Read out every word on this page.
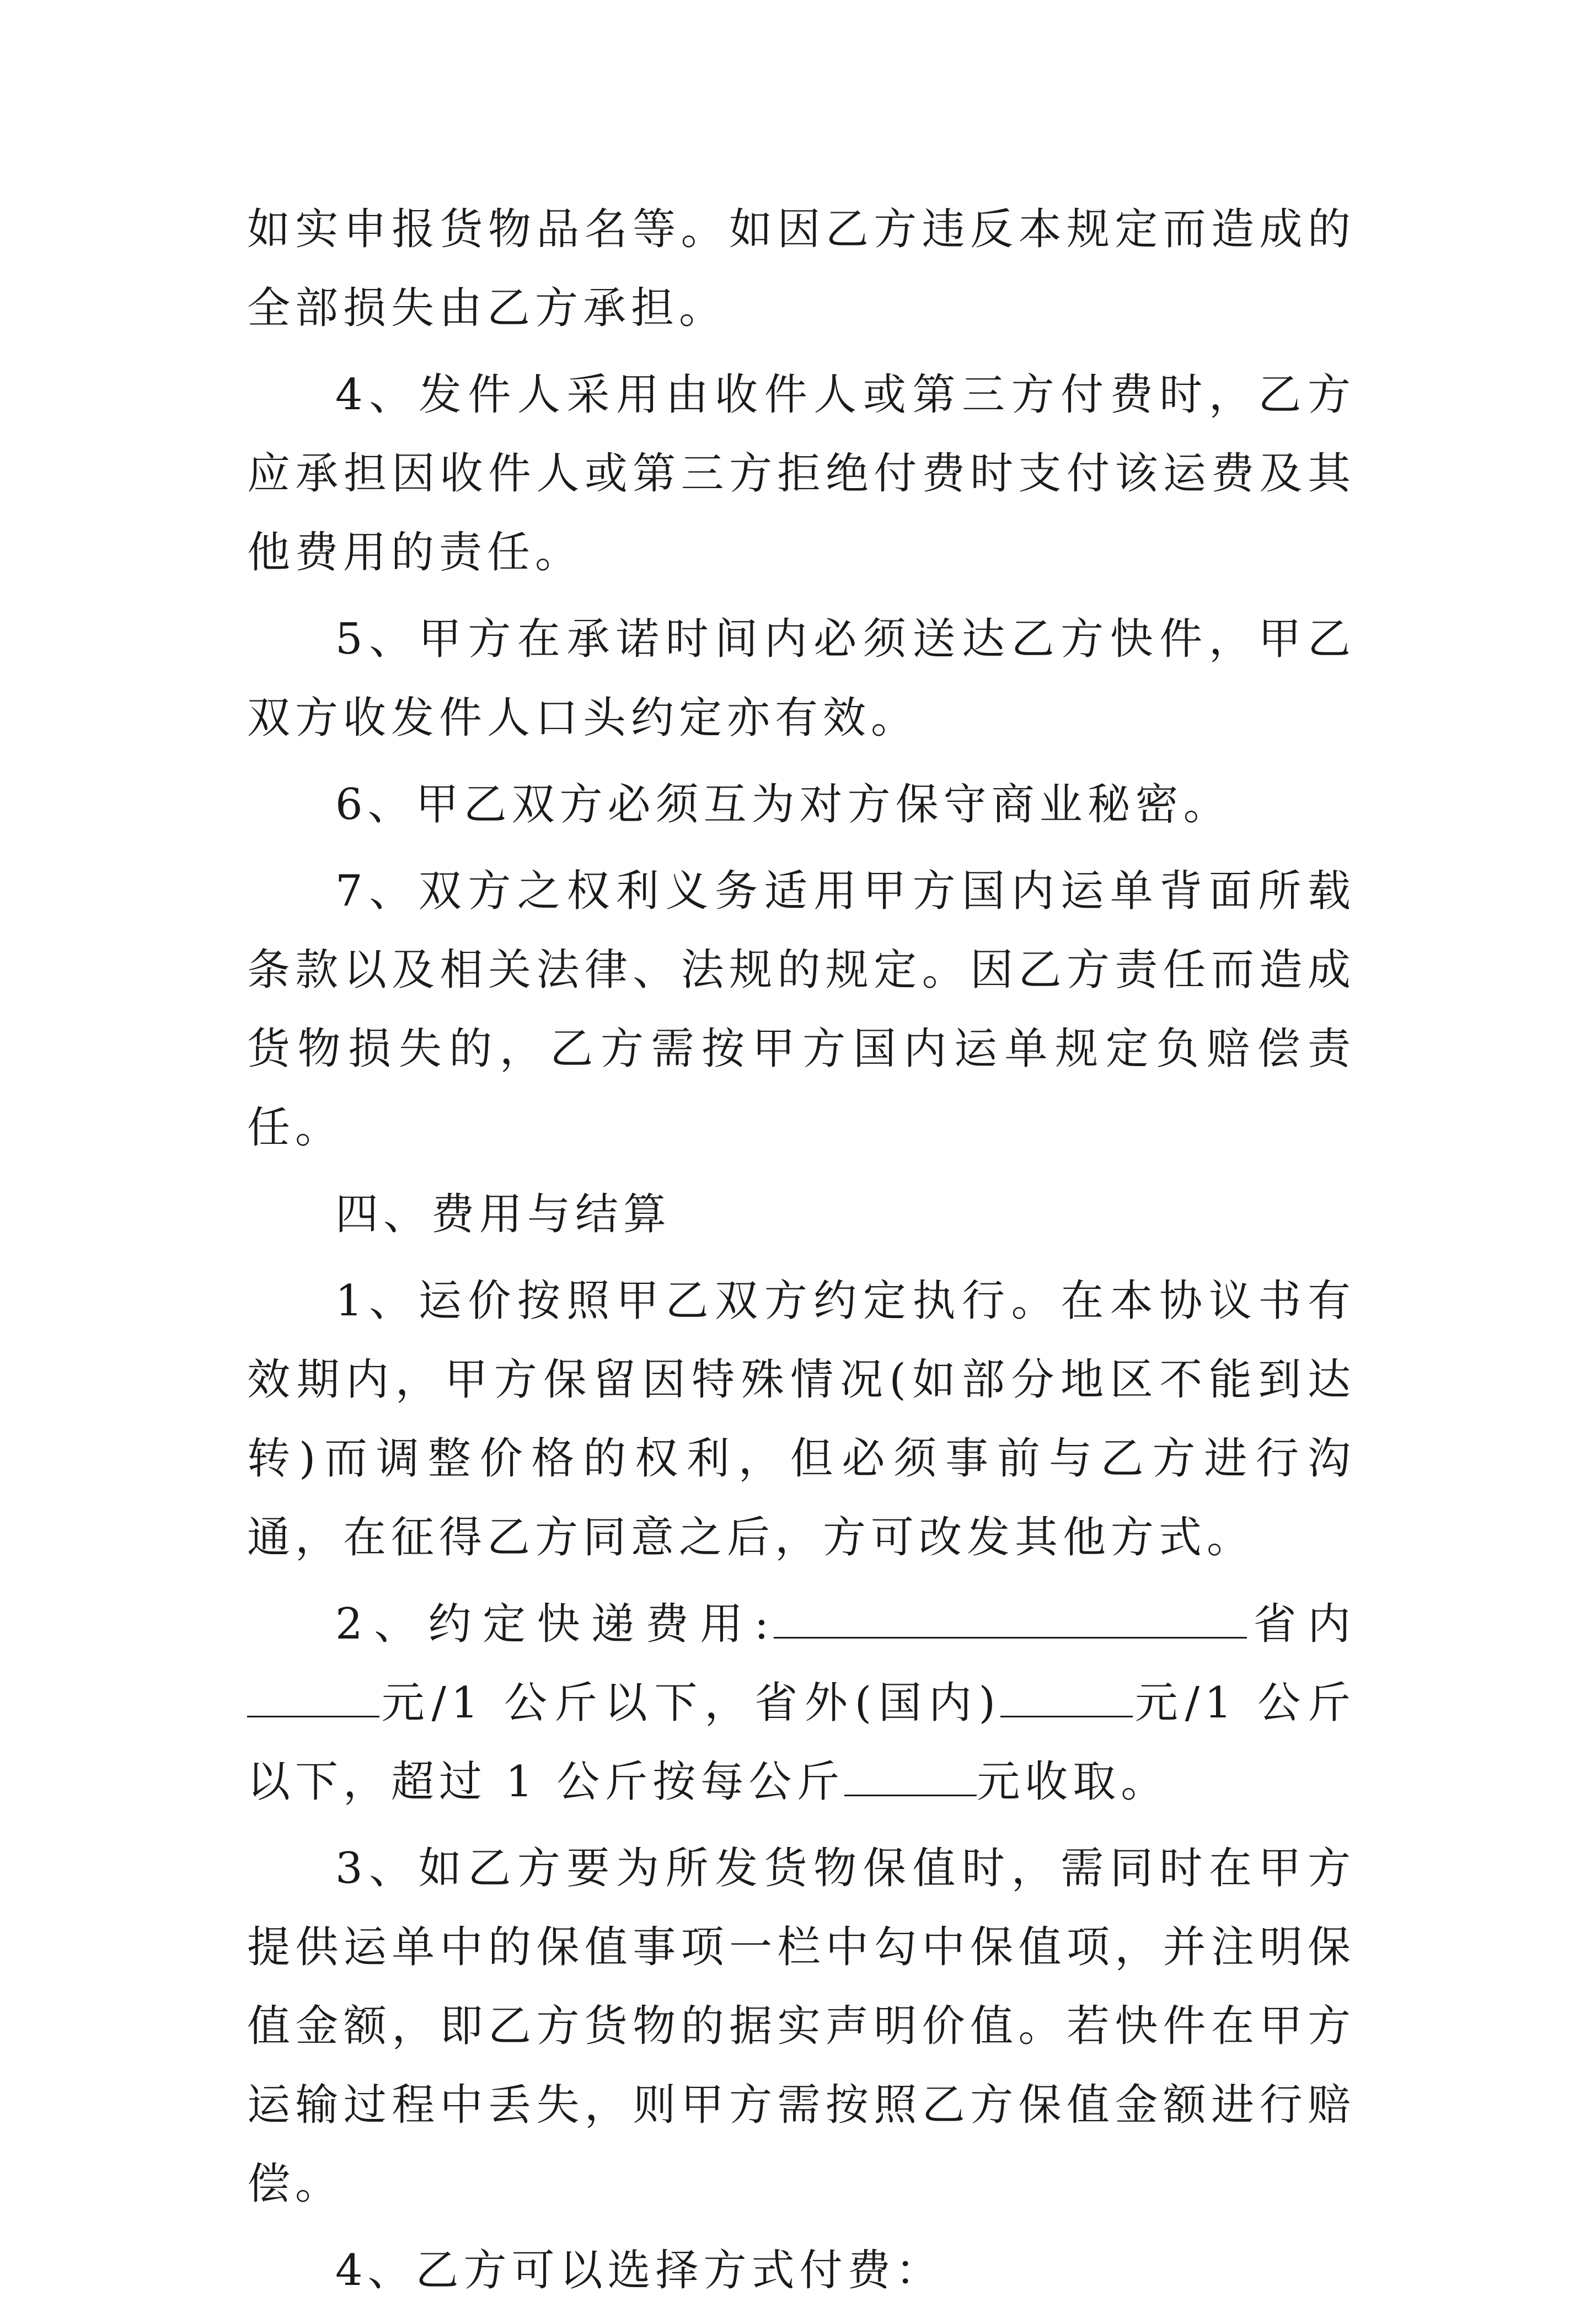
如实申报货物品名等。如因乙方违反本规定而造成的全部损失由乙方承担。

4、发件人采用由收件人或第三方付费时，乙方应承担因收件人或第三方拒绝付费时支付该运费及其他费用的责任。

5、甲方在承诺时间内必须送达乙方快件，甲乙双方收发件人口头约定亦有效。

6、甲乙双方必须互为对方保守商业秘密。

7、双方之权利义务适用甲方国内运单背面所载条款以及相关法律、法规的规定。因乙方责任而造成货物损失的，乙方需按甲方国内运单规定负赔偿责任。

四、费用与结算

1、运价按照甲乙双方约定执行。在本协议书有效期内，甲方保留因特殊情况(如部分地区不能到达转)而调整价格的权利，但必须事前与乙方进行沟通，在征得乙方同意之后，方可改发其他方式。

2、约定快递费用:	省内元/1 公斤以下，省外(国内)	元/1 公斤以下，超过 1 公斤按每公斤	元收取。

3、如乙方要为所发货物保值时，需同时在甲方提供运单中的保值事项一栏中勾中保值项，并注明保值金额，即乙方货物的据实声明价值。若快件在甲方运输过程中丢失，则甲方需按照乙方保值金额进行赔偿。

4、乙方可以选择方式付费：
